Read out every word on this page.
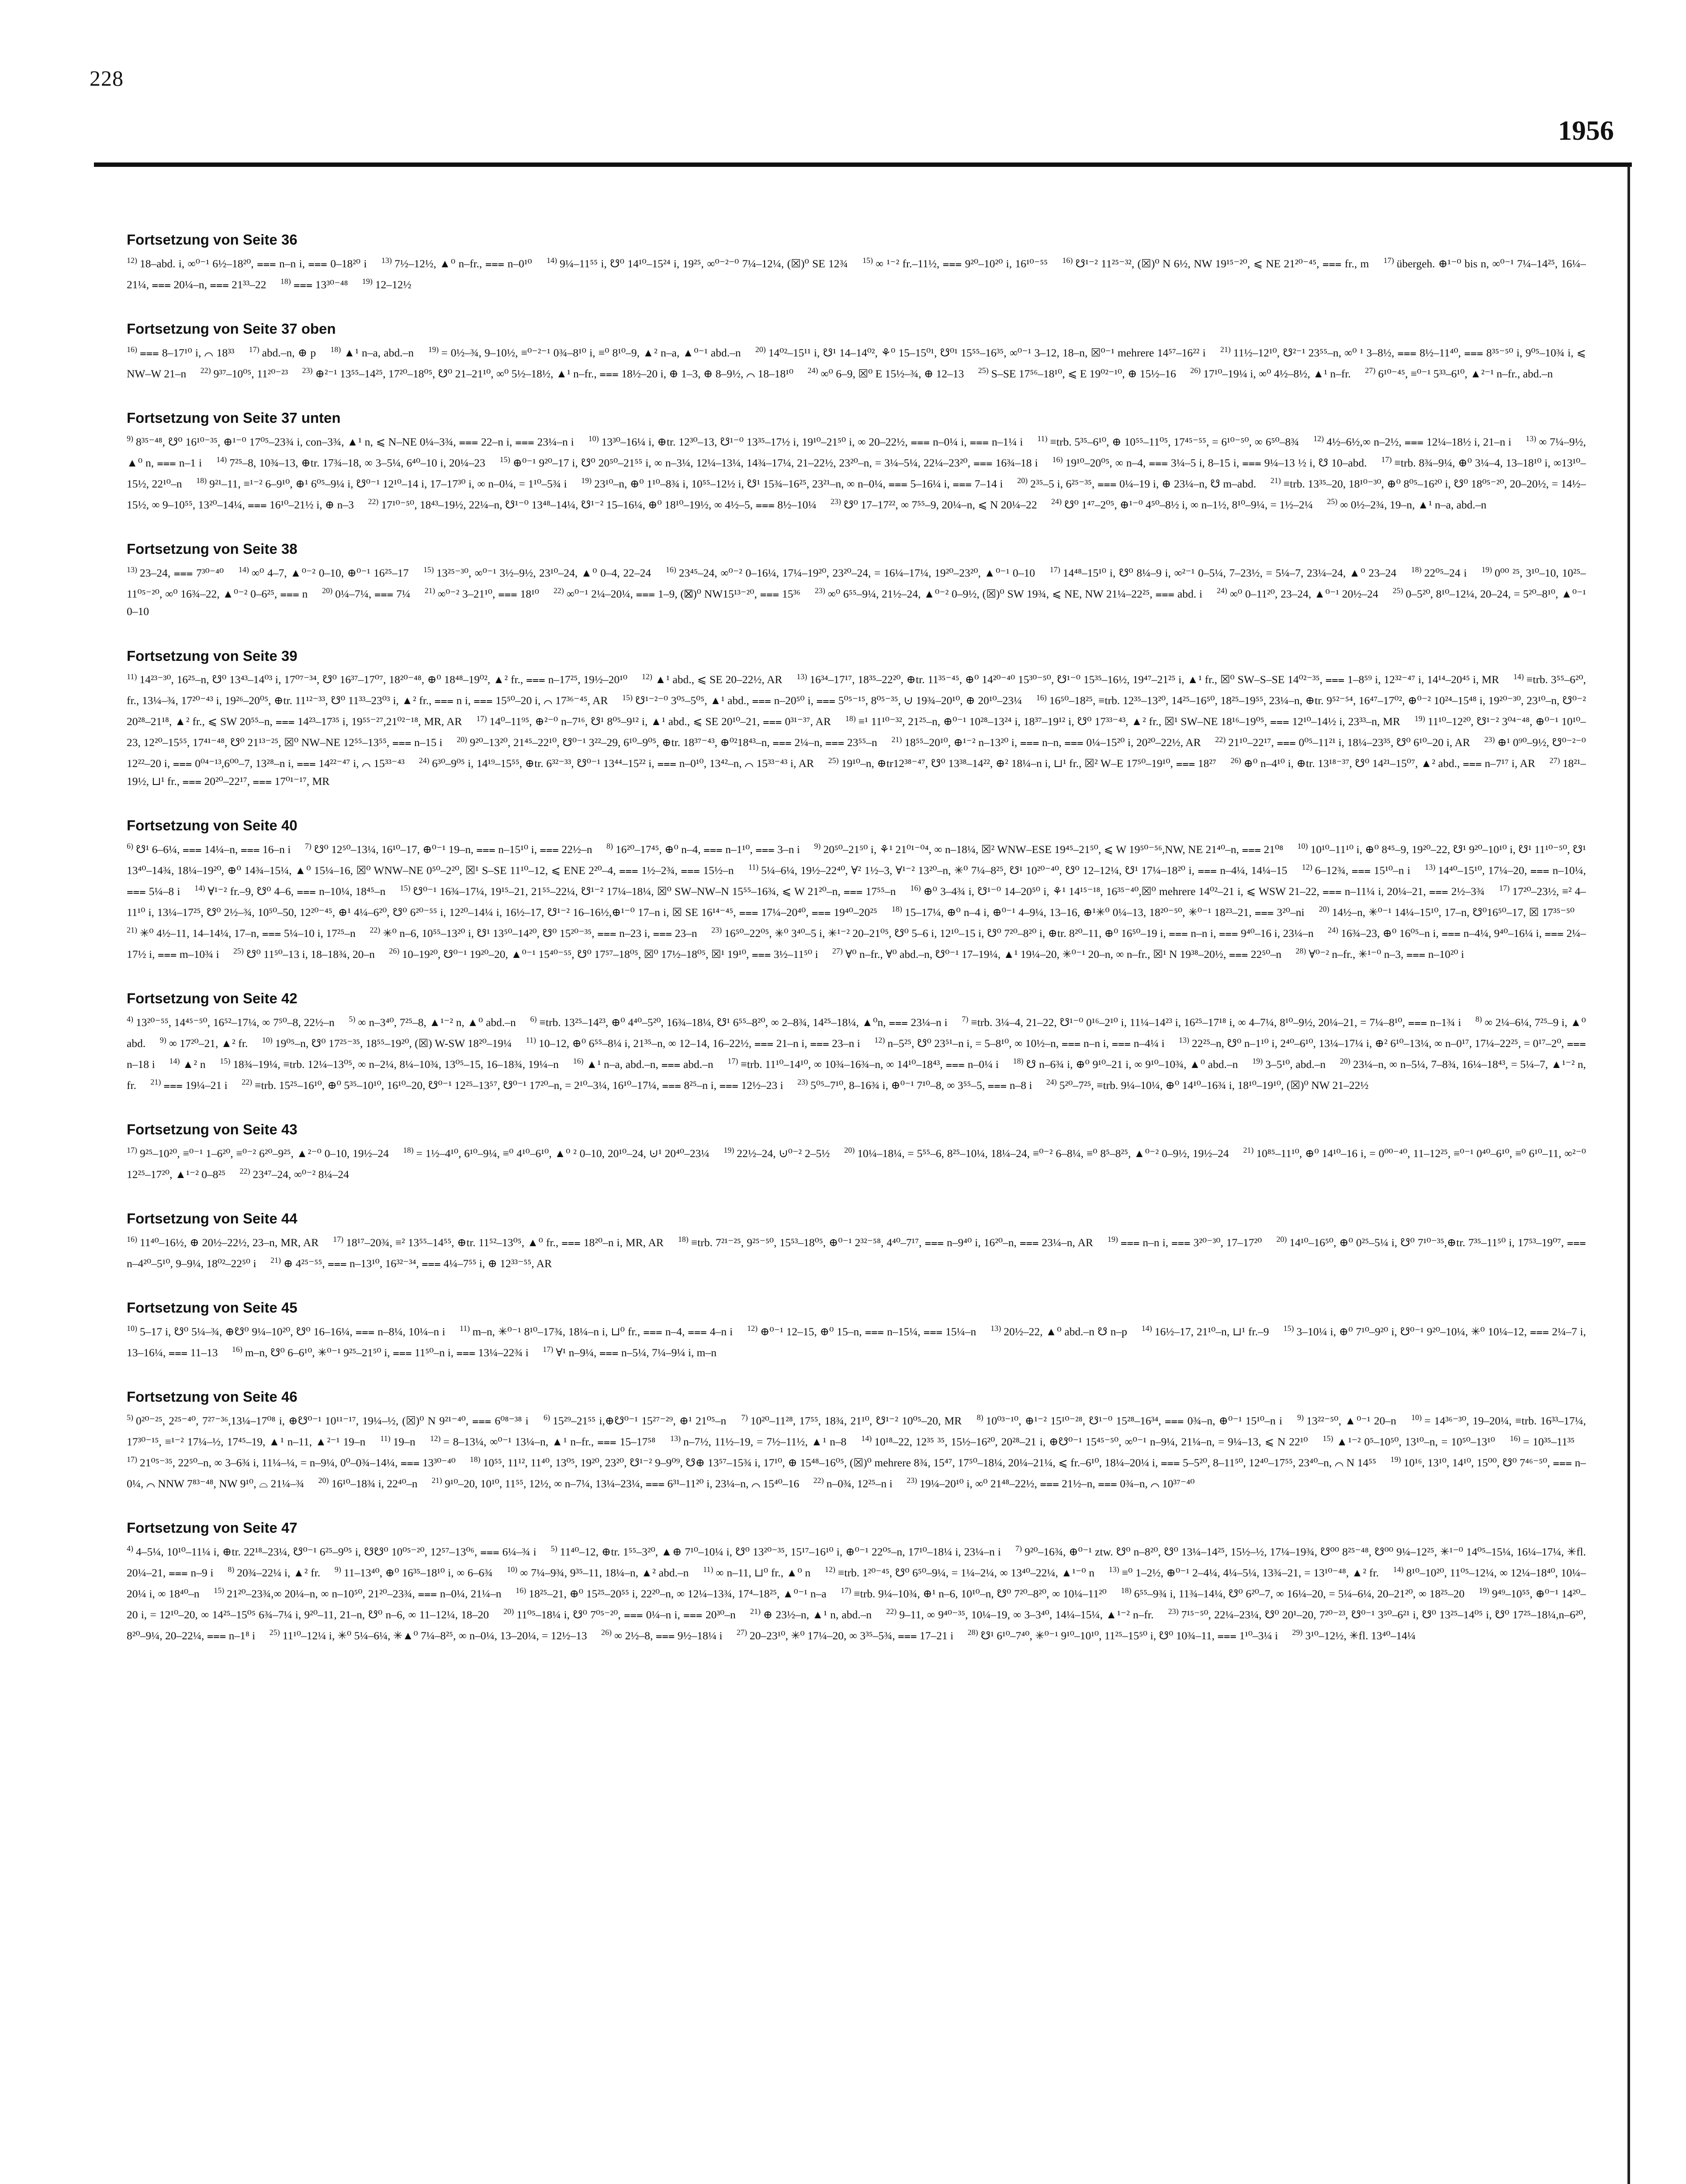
228
1956
Fortsetzung von Seite 36
$^{12)}$ 18–abd. i, ∞⁰⁻¹ 6½–18²⁰, ⩶ n–n i, ⩶ 0–18²⁰ i $^{13)}$ 7½–12½, ▲⁰ n–fr., ⩶ n–0¹⁰ $^{14)}$ 9¼–11⁵⁵ i, ☋⁰ 14¹⁰–15²⁴ i, 19²⁵, ∞⁰⁻²⁻⁰ 7¼–12¼, (☒)⁰ SE 12¾ $^{15)}$ ∞ ¹⁻² fr.–11½, ⩶ 9²⁰–10²⁰ i, 16¹⁰⁻⁵⁵ $^{16)}$ ☋¹⁻² 11²⁵⁻³², (☒)⁰ N 6½, NW 19¹⁵⁻²⁰, ⩽ NE 21²⁰⁻⁴⁵, ⩶ fr., m $^{17)}$ übergeh. ⊕¹⁻⁰ bis n, ∞⁰⁻¹ 7¼–14²⁵, 16¼–21¼, ⩶ 20¼–n, ⩶ 21³³–22 $^{18)}$ ⩶ 13³⁰⁻⁴⁸ $^{19)}$ 12–12½
Fortsetzung von Seite 37 oben
$^{16)}$ ⩶ 8–17¹⁰ i, ⌒ 18³³ $^{17)}$ abd.–n, ⊕ p $^{18)}$ ▲¹ n–a, abd.–n $^{19)}$ = 0½–¾, 9–10½, ≡⁰⁻²⁻¹ 0¾–8¹⁰ i, ≡⁰ 8¹⁰–9, ▲² n–a, ▲⁰⁻¹ abd.–n $^{20)}$ 14⁰²–15¹¹ i, ☋¹ 14–14⁰², ⚘⁰ 15–15⁰¹, ☋⁰¹ 15⁵⁵–16³⁵, ∞⁰⁻¹ 3–12, 18–n, ☒⁰⁻¹ mehrere 14⁵⁷–16²² i $^{21)}$ 11½–12¹⁰, ☋²⁻¹ 23⁵⁵–n, ∞⁰ ¹ 3–8½, ⩶ 8½–11⁴⁰, ⩶ 8³⁵⁻⁵⁰ i, 9⁰⁵–10¾ i, ⩽ NW–W 21–n $^{22)}$ 9³⁷–10⁰⁵, 11²⁰⁻²³ $^{23)}$ ⊕²⁻¹ 13⁵⁵–14²⁵, 17²⁰–18⁰⁵, ☋⁰ 21–21¹⁰, ∞⁰ 5½–18½, ▲¹ n–fr., ⩶ 18½–20 i, ⊕ 1–3, ⊕ 8–9½, ⌒ 18–18¹⁰ $^{24)}$ ∞⁰ 6–9, ☒⁰ E 15½–¾, ⊕ 12–13 $^{25)}$ S–SE 17⁵⁶–18¹⁰, ⩽ E 19⁰²⁻¹⁰, ⊕ 15½–16 $^{26)}$ 17¹⁰–19¼ i, ∞⁰ 4½–8½, ▲¹ n–fr. $^{27)}$ 6¹⁰⁻⁴⁵, ≡⁰⁻¹ 5³³–6¹⁰, ▲²⁻¹ n–fr., abd.–n
Fortsetzung von Seite 37 unten
$^{9)}$ 8³⁵⁻⁴⁸, ☋⁰ 16¹⁰⁻³⁵, ⊕¹⁻⁰ 17⁰⁵–23¾ i, con–3¾, ▲¹ n, ⩽ N–NE 0¼–3¾, ⩶ 22–n i, ⩶ 23¼–n i $^{10)}$ 13³⁰–16¼ i, ⊕tr. 12³⁰–13, ☋¹⁻⁰ 13³⁵–17½ i, 19¹⁰–21⁵⁰ i, ∞ 20–22½, ⩶ n–0¼ i, ⩶ n–1¼ i $^{11)}$ ≡trb. 5³⁵–6¹⁰, ⊕ 10⁵⁵–11⁰⁵, 17⁴⁵⁻⁵⁵, = 6¹⁰⁻⁵⁰, ∞ 6⁵⁰–8¾ $^{12)}$ 4½–6½,∞ n–2½, ⩶ 12¼–18½ i, 21–n i $^{13)}$ ∞ 7¼–9½, ▲⁰ n, ⩶ n–1 i $^{14)}$ 7²⁵–8, 10¾–13, ⊕tr. 17¾–18, ∞ 3–5¼, 6⁴⁰–10 i, 20¼–23 $^{15)}$ ⊕⁰⁻¹ 9²⁰–17 i, ☋⁰ 20⁵⁰–21⁵⁵ i, ∞ n–3¼, 12¼–13¼, 14¾–17¼, 21–22½, 23²⁰–n, = 3¼–5¼, 22¼–23²⁰, ⩶ 16¾–18 i $^{16)}$ 19¹⁰–20⁰⁵, ∞ n–4, ⩶ 3¼–5 i, 8–15 i, ⩶ 9¼–13 ½ i, ☋ 10–abd. $^{17)}$ ≡trb. 8¾–9¼, ⊕⁰ 3¼–4, 13–18¹⁰ i, ∞13¹⁰–15½, 22¹⁰–n $^{18)}$ 9²¹–11, ≡¹⁻² 6–9¹⁰, ⊕¹ 6⁰⁵–9¼ i, ☋⁰⁻¹ 12¹⁰–14 i, 17–17³⁰ i, ∞ n–0¼, = 1¹⁰–5¾ i $^{19)}$ 23¹⁰–n, ⊕⁰ 1¹⁰–8¾ i, 10⁵⁵–12½ i, ☋¹ 15¾–16²⁵, 23²¹–n, ∞ n–0¼, ⩶ 5–16¼ i, ⩶ 7–14 i $^{20)}$ 2³⁵–5 i, 6²⁵⁻³⁵, ⩶ 0¼–19 i, ⊕ 23¼–n, ☋ m–abd. $^{21)}$ ≡trb. 13³⁵–20, 18¹⁰⁻³⁰, ⊕⁰ 8⁰⁵–16²⁰ i, ☋⁰ 18⁰⁵⁻²⁰, 20–20½, = 14½–15½, ∞ 9–10⁵⁵, 13²⁰–14¼, ⩶ 16¹⁰–21½ i, ⊕ n–3 $^{22)}$ 17¹⁰⁻⁵⁰, 18⁴³–19½, 22¼–n, ☋¹⁻⁰ 13⁴⁸–14¼, ☋¹⁻² 15–16¼, ⊕⁰ 18¹⁰–19½, ∞ 4½–5, ⩶ 8½–10¼ $^{23)}$ ☋⁰ 17–17²², ∞ 7⁵⁵–9, 20¼–n, ⩽ N 20¼–22 $^{24)}$ ☋⁰ 1⁴⁷–2⁰⁵, ⊕¹⁻⁰ 4⁵⁰–8½ i, ∞ n–1½, 8¹⁰–9¼, = 1½–2¼ $^{25)}$ ∞ 0½–2¾, 19–n, ▲¹ n–a, abd.–n
Fortsetzung von Seite 38
$^{13)}$ 23–24, ⩶ 7³⁰⁻⁴⁰ $^{14)}$ ∞⁰ 4–7, ▲⁰⁻² 0–10, ⊕⁰⁻¹ 16²⁵–17 $^{15)}$ 13²⁵⁻³⁰, ∞⁰⁻¹ 3½–9½, 23¹⁰–24, ▲⁰ 0–4, 22–24 $^{16)}$ 23⁴⁵–24, ∞⁰⁻² 0–16¼, 17¼–19²⁰, 23²⁰–24, = 16¼–17¼, 19²⁰–23²⁰, ▲⁰⁻¹ 0–10 $^{17)}$ 14⁴⁸–15¹⁰ i, ☋⁰ 8¼–9 i, ∞²⁻¹ 0–5¼, 7–23½, = 5¼–7, 23¼–24, ▲⁰ 23–24 $^{18)}$ 22⁰⁵–24 i $^{19)}$ 0⁰⁰ ²⁵, 3¹⁰–10, 10²⁵–11⁰⁵⁻²⁰, ∞⁰ 16¾–22, ▲⁰⁻² 0–6²⁵, ⩶ n $^{20)}$ 0¼–7¼, ⩶ 7¼ $^{21)}$ ∞⁰⁻² 3–21¹⁰, ⩶ 18¹⁰ $^{22)}$ ∞⁰⁻¹ 2¼–20¼, ⩶ 1–9, (☒)⁰ NW15¹³⁻²⁰, ⩶ 15³⁶ $^{23)}$ ∞⁰ 6⁵⁵–9¼, 21½–24, ▲⁰⁻² 0–9½, (☒)⁰ SW 19¾, ⩽ NE, NW 21¼–22²⁵, ⩶ abd. i $^{24)}$ ∞⁰ 0–11²⁰, 23–24, ▲⁰⁻¹ 20½–24 $^{25)}$ 0–5²⁰, 8¹⁰–12¼, 20–24, = 5²⁰–8¹⁰, ▲⁰⁻¹ 0–10
Fortsetzung von Seite 39
$^{11)}$ 14²³⁻³⁰, 16²⁵–n, ☋⁰ 13⁴³–14⁰³ i, 17⁰⁷⁻³⁴, ☋⁰ 16³⁷–17⁰⁷, 18²⁰⁻⁴⁸, ⊕⁰ 18⁴⁸–19⁰², ▲² fr., ⩶ n–17²⁵, 19½–20¹⁰ $^{12)}$ ▲¹ abd., ⩽ SE 20–22½, AR $^{13)}$ 16³⁴–17¹⁷, 18³⁵–22²⁰, ⊕tr. 11³⁵⁻⁴⁵, ⊕⁰ 14²⁰⁻⁴⁰ 15³⁰⁻⁵⁰, ☋¹⁻⁰ 15³⁵–16½, 19⁴⁷–21²⁵ i, ▲¹ fr., ☒⁰ SW–S–SE 14⁰²⁻³⁵, ⩶ 1–8⁵⁹ i, 12³²⁻⁴⁷ i, 14¹⁴–20⁴⁵ i, MR $^{14)}$ ≡trb. 3⁵⁵–6²⁰, fr., 13¼–¾, 17²⁰⁻⁴³ i, 19²⁶–20⁰⁵, ⊕tr. 11¹²⁻³³, ☋⁰ 11³³–23⁰³ i, ▲² fr., ⩶ n i, ⩶ 15⁵⁰–20 i, ⌒ 17³⁶⁻⁴⁵, AR $^{15)}$ ☋¹⁻²⁻⁰ 3⁰⁵–5⁰⁵, ▲¹ abd., ⩶ n–20⁵⁰ i, ⩶ 5⁰⁵⁻¹⁵, 8⁰⁵⁻³⁵, ⊍ 19¾–20¹⁰, ⊕ 20¹⁰–23¼ $^{16)}$ 16⁵⁰–18²⁵, ≡trb. 12³⁵–13²⁰, 14²⁵–16⁵⁰, 18²⁵–19⁵⁵, 23¼–n, ⊕tr. 9⁵²⁻⁵⁴, 16⁴⁷–17⁰², ⊕⁰⁻² 10²⁴–15⁴⁸ i, 19²⁰⁻³⁰, 23¹⁰–n, ☋⁰⁻² 20²⁸–21¹⁸, ▲² fr., ⩽ SW 20⁵⁵–n, ⩶ 14²³–17³⁵ i, 19⁵⁵⁻²⁷,21⁰²⁻¹⁸, MR, AR $^{17)}$ 14⁰–11⁹⁵, ⊕²⁻⁰ n–7¹⁶, ☋¹ 8⁰⁵–9¹² i, ▲¹ abd., ⩽ SE 20¹⁰–21, ⩶ 0³¹⁻³⁷, AR $^{18)}$ ≡¹ 11¹⁰⁻³², 21²⁵–n, ⊕⁰⁻¹ 10²⁸–13²⁴ i, 18³⁷–19¹² i, ☋⁰ 17³³⁻⁴³, ▲² fr., ☒¹ SW–NE 18¹⁶–19⁰⁵, ⩶ 12¹⁰–14½ i, 23³³–n, MR $^{19)}$ 11¹⁰–12²⁰, ☋¹⁻² 3⁰⁴⁻⁴⁸, ⊕⁰⁻¹ 10¹⁰–23, 12²⁰–15⁵⁵, 17⁴¹⁻⁴⁸, ☋⁰ 21¹³⁻²⁵, ☒⁰ NW–NE 12⁵⁵–13⁵⁵, ⩶ n–15 i $^{20)}$ 9²⁰–13²⁰, 21⁴⁵–22¹⁰, ☋⁰⁻¹ 3²²–29, 6¹⁰–9⁰⁵, ⊕tr. 18³⁷⁻⁴³, ⊕⁰²18⁴³–n, ⩶ 2¼–n, ⩶ 23⁵⁵–n $^{21)}$ 18⁵⁵–20¹⁰, ⊕¹⁻² n–13²⁰ i, ⩶ n–n, ⩶ 0¼–15²⁰ i, 20²⁰–22½, AR $^{22)}$ 21¹⁰–22¹⁷, ⩶ 0⁰⁵–11²¹ i, 18¼–23³⁵, ☋⁰ 6¹⁰–20 i, AR $^{23)}$ ⊕¹ 0⁹⁰–9½, ☋⁰⁻²⁻⁰ 12²²–20 i, ⩶ 0⁰⁴⁻¹³,6⁰⁰–7, 13²⁸–n i, ⩶ 14²²⁻⁴⁷ i, ⌒ 15³³⁻⁴³ $^{24)}$ 6³⁰–9⁰⁵ i, 14¹⁹–15⁵⁵, ⊕tr. 6³²⁻³³, ☋⁰⁻¹ 13⁴⁴–15²² i, ⩶ n–0¹⁰, 13⁴²–n, ⌒ 15³³⁻⁴³ i, AR $^{25)}$ 19¹⁰–n, ⊕tr12³⁸⁻⁴⁷, ☋⁰ 13³⁸–14²², ⊕² 18¼–n i, ⊔¹ fr., ☒² W–E 17⁵⁰–19¹⁰, ⩶ 18²⁷ $^{26)}$ ⊕⁰ n–4¹⁰ i, ⊕tr. 13¹⁸⁻³⁷, ☋⁰ 14²¹–15⁰⁷, ▲² abd., ⩶ n–7¹⁷ i, AR $^{27)}$ 18²¹–19½, ⊔¹ fr., ⩶ 20²⁰–22¹⁷, ⩶ 17⁰¹⁻¹⁷, MR
Fortsetzung von Seite 40
$^{6)}$ ☋¹ 6–6¼, ⩶ 14¼–n, ⩶ 16–n i $^{7)}$ ☋⁰ 12⁵⁰–13¼, 16¹⁰–17, ⊕⁰⁻¹ 19–n, ⩶ n–15¹⁰ i, ⩶ 22½–n $^{8)}$ 16²⁰–17⁴⁵, ⊕⁰ n–4, ⩶ n–1¹⁰, ⩶ 3–n i $^{9)}$ 20⁵⁰–21⁵⁰ i, ⚘¹ 21⁰¹⁻⁰⁴, ∞ n–18¼, ☒² WNW–ESE 19⁴⁵–21⁵⁰, ⩽ W 19⁵⁰⁻⁵⁶,NW, NE 21⁴⁰–n, ⩶ 21⁰⁸ $^{10)}$ 10¹⁰–11¹⁰ i, ⊕⁰ 8⁴⁵–9, 19²⁰–22, ☋¹ 9²⁰–10¹⁰ i, ☋¹ 11¹⁰⁻⁵⁰, ☋¹ 13⁴⁰–14¾, 18¼–19²⁰, ⊕⁰ 14¾–15¼, ▲⁰ 15¼–16, ☒⁰ WNW–NE 0⁵⁰–2²⁰, ☒¹ S–SE 11¹⁰–12, ⩽ ENE 2²⁰–4, ⩶ 1½–2¾, ⩶ 15½–n $^{11)}$ 5¼–6¼, 19½–22⁴⁰, ∀² 1½–3, ∀¹⁻² 13²⁰–n, ✳⁰ 7¼–8²⁵, ☋¹ 10²⁰⁻⁴⁰, ☋⁰ 12–12¼, ☋¹ 17¼–18²⁰ i, ⩶ n–4¼, 14¼–15 $^{12)}$ 6–12¾, ⩶ 15¹⁰–n i $^{13)}$ 14⁴⁰–15¹⁰, 17¼–20, ⩶ n–10¼, ⩶ 5¼–8 i $^{14)}$ ∀¹⁻² fr.–9, ☋⁰ 4–6, ⩶ n–10¼, 18⁴⁵–n $^{15)}$ ☋⁰⁻¹ 16¾–17¼, 19¹⁵–21, 21⁵⁵–22¼, ☋¹⁻² 17¼–18¼, ☒⁰ SW–NW–N 15⁵⁵–16¾, ⩽ W 21²⁰–n, ⩶ 17⁵⁵–n $^{16)}$ ⊕⁰ 3–4¾ i, ☋¹⁻⁰ 14–20⁵⁰ i, ⚘¹ 14¹⁵⁻¹⁸, 16³⁵⁻⁴⁰,☒⁰ mehrere 14⁰²–21 i, ⩽ WSW 21–22, ⩶ n–11¼ i, 20¼–21, ⩶ 2½–3¾ $^{17)}$ 17²⁰–23½, ≡² 4–11¹⁰ i, 13¼–17²⁵, ☋⁰ 2½–¾, 10⁵⁰–50, 12²⁰⁻⁴⁵, ⊕¹ 4¼–6²⁰, ☋⁰ 6²⁰⁻⁵⁵ i, 12²⁰–14¼ i, 16½–17, ☋¹⁻² 16–16½,⊕¹⁻⁰ 17–n i, ☒ SE 16¹⁴⁻⁴⁵, ⩶ 17¼–20⁴⁰, ⩶ 19⁴⁰–20²⁵ $^{18)}$ 15–17¼, ⊕⁰ n–4 i, ⊕⁰⁻¹ 4–9¼, 13–16, ⊕¹✳⁰ 0¼–13, 18²⁰⁻⁵⁰, ✳⁰⁻¹ 18²³–21, ⩶ 3²⁰–ni $^{20)}$ 14½–n, ✳⁰⁻¹ 14¼–15¹⁰, 17–n, ☋⁰16⁵⁰–17, ☒ 17³⁵⁻⁵⁰ $^{21)}$ ✳⁰ 4½–11, 14–14¼, 17–n, ⩶ 5¼–10 i, 17²⁵–n $^{22)}$ ✳⁰ n–6, 10⁵⁵–13²⁰ i, ☋¹ 13⁵⁰–14²⁰, ☋⁰ 15²⁰⁻³⁵, ⩶ n–23 i, ⩶ 23–n $^{23)}$ 16⁵⁰–22⁰⁵, ✳⁰ 3⁴⁰–5 i, ✳¹⁻² 20–21⁰⁵, ☋⁰ 5–6 i, 12¹⁰–15 i, ☋⁰ 7²⁰–8²⁰ i, ⊕tr. 8²⁰–11, ⊕⁰ 16⁵⁰–19 i, ⩶ n–n i, ⩶ 9⁴⁰–16 i, 23¼–n $^{24)}$ 16¾–23, ⊕⁰ 16⁰⁵–n i, ⩶ n–4¼, 9⁴⁰–16¼ i, ⩶ 2¼–17½ i, ⩶ m–10¾ i $^{25)}$ ☋⁰ 11⁵⁰–13 i, 18–18¾, 20–n $^{26)}$ 10–19²⁰, ☋⁰⁻¹ 19²⁰–20, ▲⁰⁻¹ 15⁴⁰⁻⁵⁵, ☋⁰ 17⁵⁷–18⁰⁵, ☒⁰ 17½–18⁰⁵, ☒¹ 19¹⁰, ⩶ 3½–11⁵⁰ i $^{27)}$ ∀⁰ n–fr., ∀⁰ abd.–n, ☋⁰⁻¹ 17–19¼, ▲¹ 19¼–20, ✳⁰⁻¹ 20–n, ∞ n–fr., ☒¹ N 19³⁸–20½, ⩶ 22⁵⁰–n $^{28)}$ ∀⁰⁻² n–fr., ✳¹⁻⁰ n–3, ⩶ n–10²⁰ i
Fortsetzung von Seite 42
$^{4)}$ 13²⁰⁻⁵⁵, 14⁴⁵⁻⁵⁰, 16⁵²–17¼, ∞ 7⁵⁰–8, 22½–n $^{5)}$ ∞ n–3⁴⁰, 7²⁵–8, ▲¹⁻² n, ▲⁰ abd.–n $^{6)}$ ≡trb. 13²⁵–14²³, ⊕⁰ 4⁴⁰–5²⁰, 16¾–18¼, ☋¹ 6⁵⁵–8²⁰, ∞ 2–8¾, 14²⁵–18¼, ▲⁰n, ⩶ 23¼–n i $^{7)}$ ≡trb. 3¼–4, 21–22, ☋¹⁻⁰ 0¹⁶–2¹⁰ i, 11¼–14²³ i, 16²⁵–17¹⁸ i, ∞ 4–7¼, 8¹⁰–9½, 20¼–21, = 7¼–8¹⁰, ⩶ n–1¾ i $^{8)}$ ∞ 2¼–6¼, 7²⁵–9 i, ▲⁰ abd. $^{9)}$ ∞ 17²⁰–21, ▲² fr. $^{10)}$ 19⁰⁵–n, ☋⁰ 17²⁵⁻³⁵, 18⁵⁵–19²⁰, (☒) W-SW 18²⁰–19¼ $^{11)}$ 10–12, ⊕⁰ 6⁵⁵–8¼ i, 21³⁵–n, ∞ 12–14, 16–22½, ⩶ 21–n i, ⩶ 23–n i $^{12)}$ n–5²⁵, ☋⁰ 23⁵¹–n i, = 5–8¹⁰, ∞ 10½–n, ⩶ n–n i, ⩶ n–4¼ i $^{13)}$ 22²⁵–n, ☋⁰ n–1¹⁰ i, 2⁴⁰–6¹⁰, 13¼–17¼ i, ⊕² 6¹⁰–13¼, ∞ n–0¹⁷, 17¼–22²⁵, = 0¹⁷–2⁰, ⩶ n–18 i $^{14)}$ ▲² n $^{15)}$ 18¾–19¼, ≡trb. 12¼–13⁰⁵, ∞ n–2¼, 8¼–10¾, 13⁰⁵–15, 16–18¾, 19¼–n $^{16)}$ ▲¹ n–a, abd.–n, ⩶ abd.–n $^{17)}$ ≡trb. 11¹⁰–14¹⁰, ∞ 10¾–16¾–n, ∞ 14¹⁰–18⁴³, ⩶ n–0¼ i $^{18)}$ ☋ n–6¾ i, ⊕⁰ 9¹⁰–21 i, ∞ 9¹⁰–10¾, ▲⁰ abd.–n $^{19)}$ 3–5¹⁰, abd.–n $^{20)}$ 23¼–n, ∞ n–5¼, 7–8¾, 16¼–18⁴³, = 5¼–7, ▲¹⁻² n, fr. $^{21)}$ ⩶ 19¼–21 i $^{22)}$ ≡trb. 15²⁵–16¹⁰, ⊕⁰ 5³⁵–10¹⁰, 16¹⁰–20, ☋⁰⁻¹ 12²⁵–13⁵⁷, ☋⁰⁻¹ 17²⁰–n, = 2¹⁰–3¼, 16¹⁰–17¼, ⩶ 8²⁵–n i, ⩶ 12½–23 i $^{23)}$ 5⁰⁵–7¹⁰, 8–16¾ i, ⊕⁰⁻¹ 7¹⁰–8, ∞ 3⁵⁵–5, ⩶ n–8 i $^{24)}$ 5²⁰–7²⁵, ≡trb. 9¼–10¼, ⊕⁰ 14¹⁰–16¾ i, 18¹⁰–19¹⁰, (☒)⁰ NW 21–22½
Fortsetzung von Seite 43
$^{17)}$ 9²⁵–10²⁰, ≡⁰⁻¹ 1–6²⁰, ≡⁰⁻² 6²⁰–9²⁵, ▲²⁻⁰ 0–10, 19½–24 $^{18)}$ = 1½–4¹⁰, 6¹⁰–9¼, ≡⁰ 4¹⁰–6¹⁰, ▲⁰ ² 0–10, 20¹⁰–24, ⊍¹ 20⁴⁰–23¼ $^{19)}$ 22½–24, ⊍⁰⁻² 2–5½ $^{20)}$ 10¼–18¼, = 5⁵⁵–6, 8²⁵–10¼, 18¼–24, ≡⁰⁻² 6–8¼, ≡⁰ 8⁵–8²⁵, ▲⁰⁻² 0–9½, 19½–24 $^{21)}$ 10⁸⁵–11¹⁰, ⊕⁰ 14¹⁰–16 i, = 0⁰⁰⁻⁴⁰, 11–12²⁵, ≡⁰⁻¹ 0⁴⁰–6¹⁰, ≡⁰ 6¹⁰–11, ∞²⁻⁰ 12²⁵–17²⁰, ▲¹⁻² 0–8²⁵ $^{22)}$ 23⁴⁷–24, ∞⁰⁻² 8¼–24
Fortsetzung von Seite 44
$^{16)}$ 11⁴⁰–16½, ⊕ 20½–22½, 23–n, MR, AR $^{17)}$ 18¹⁷–20¾, ≡² 13⁵⁵–14⁵⁵, ⊕tr. 11⁵²–13⁰⁵, ▲⁰ fr., ⩶ 18²⁰–n i, MR, AR $^{18)}$ ≡trb. 7²¹⁻²⁵, 9²⁵⁻⁵⁰, 15⁵³–18⁰⁵, ⊕⁰⁻¹ 2³²⁻⁵⁸, 4⁴⁰–7¹⁷, ⩶ n–9⁴⁰ i, 16²⁰–n, ⩶ 23¼–n, AR $^{19)}$ ⩶ n–n i, ⩶ 3²⁰⁻³⁰, 17–17²⁰ $^{20)}$ 14¹⁰–16⁵⁰, ⊕⁰ 0²⁵–5¼ i, ☋⁰ 7¹⁰⁻³⁵,⊕tr. 7³⁵–11⁵⁰ i, 17⁵³–19⁰⁷, ⩶ n–4²⁰–5¹⁰, 9–9¼, 18⁰²–22⁵⁰ i $^{21)}$ ⊕ 4²⁵⁻⁵⁵, ⩶ n–13¹⁰, 16³²⁻³⁴, ⩶ 4¼–7⁵⁵ i, ⊕ 12³³⁻⁵⁵, AR
Fortsetzung von Seite 45
$^{10)}$ 5–17 i, ☋⁰ 5¼–¾, ⊕☋⁰ 9¼–10²⁰, ☋⁰ 16–16¼, ⩶ n–8¼, 10¼–n i $^{11)}$ m–n, ✳⁰⁻¹ 8¹⁰–17¾, 18¼–n i, ⊔⁰ fr., ⩶ n–4, ⩶ 4–n i $^{12)}$ ⊕⁰⁻¹ 12–15, ⊕⁰ 15–n, ⩶ n–15¼, ⩶ 15¼–n $^{13)}$ 20½–22, ▲⁰ abd.–n ☋ n–p $^{14)}$ 16½–17, 21¹⁰–n, ⊔¹ fr.–9 $^{15)}$ 3–10¼ i, ⊕⁰ 7¹⁰–9²⁰ i, ☋⁰⁻¹ 9²⁰–10¼, ✳⁰ 10¼–12, ⩶ 2¼–7 i, 13–16¼, ⩶ 11–13 $^{16)}$ m–n, ☋⁰ 6–6¹⁰, ✳⁰⁻¹ 9²⁵–21⁵⁰ i, ⩶ 11⁵⁰–n i, ⩶ 13¼–22¾ i $^{17)}$ ∀¹ n–9¼, ⩶ n–5¼, 7¼–9¼ i, m–n
Fortsetzung von Seite 46
$^{5)}$ 0²⁰⁻²⁵, 2²⁵⁻⁴⁰, 7²⁷⁻³⁶,13¼–17⁰⁸ i, ⊕☋⁰⁻¹ 10¹¹⁻¹⁷, 19¼–½, (☒)⁰ N 9²¹⁻⁴⁰, ⩶ 6⁰⁸⁻³⁸ i $^{6)}$ 15²⁹–21⁵⁵ i,⊕☋⁰⁻¹ 15²⁷⁻²⁹, ⊕¹ 21⁰⁵–n $^{7)}$ 10²⁰–11²⁸, 17⁵⁵, 18¾, 21¹⁰, ☋¹⁻² 10⁰⁵–20, MR $^{8)}$ 10⁰³⁻¹⁰, ⊕¹⁻² 15¹⁰⁻²⁸, ☋¹⁻⁰ 15²⁸–16³⁴, ⩶ 0¾–n, ⊕⁰⁻¹ 15¹⁰–n i $^{9)}$ 13²²⁻⁵⁰, ▲⁰⁻¹ 20–n $^{10)}$ = 14³⁶⁻³⁰, 19–20¼, ≡trb. 16³³–17¼, 17³⁰⁻¹⁵, ≡¹⁻² 17¼–½, 17⁴⁵–19, ▲¹ n–11, ▲²⁻¹ 19–n $^{11)}$ 19–n $^{12)}$ = 8–13¼, ∞⁰⁻¹ 13¼–n, ▲¹ n–fr., ⩶ 15–17⁵⁸ $^{13)}$ n–7½, 11½–19, = 7½–11½, ▲¹ n–8 $^{14)}$ 10¹⁸–22, 12³⁵ ³⁵, 15½–16²⁰, 20²⁸–21 i, ⊕☋⁰⁻¹ 15⁴⁵⁻⁵⁰, ∞⁰⁻¹ n–9¼, 21¼–n, = 9¼–13, ⩽ N 22¹⁰ $^{15)}$ ▲¹⁻² 0⁵–10⁵⁰, 13¹⁰–n, = 10⁵⁰–13¹⁰ $^{16)}$ = 10³⁵–11³⁵ $^{17)}$ 21⁰⁵⁻³⁵, 22⁵⁰–n, ∞ 3–6¾ i, 11¼–¼, = n–9¼, 0⁰–0¾–14¼, ⩶ 13³⁰⁻⁴⁰ $^{18)}$ 10⁵⁵, 11¹², 11⁴⁰, 13⁰⁵, 19²⁰, 23²⁰, ☋¹⁻² 9–9⁰⁹, ☋⊕ 13⁵⁷–15¾ i, 17¹⁰, ⊕ 15⁴⁸–16⁰⁵, (☒)⁰ mehrere 8¾, 15⁴⁷, 17⁵⁰–18¼, 20¼–21¼, ⩽ fr.–6¹⁰, 18¼–20¼ i, ⩶ 5–5²⁰, 8–11⁵⁰, 12⁴⁰–17⁵⁵, 23⁴⁰–n, ⌒ N 14⁵⁵ $^{19)}$ 10¹⁶, 13¹⁰, 14¹⁰, 15⁰⁰, ☋⁰ 7⁴⁶⁻⁵⁰, ⩶ n–0¼, ⌒ NNW 7⁸³⁻⁴⁸, NW 9¹⁰, ⌓ 21¼–¾ $^{20)}$ 16¹⁰–18¾ i, 22⁴⁰–n $^{21)}$ 9¹⁰–20, 10¹⁰, 11⁵⁵, 12½, ∞ n–7¼, 13¼–23¼, ⩶ 6³¹–11²⁰ i, 23¼–n, ⌒ 15⁴⁰–16 $^{22)}$ n–0¾, 12²⁵–n i $^{23)}$ 19¼–20¹⁰ i, ∞⁰ 21⁴⁸–22½, ⩶ 21½–n, ⩶ 0¾–n, ⌒ 10³⁷⁻⁴⁰
Fortsetzung von Seite 47
$^{4)}$ 4–5¼, 10¹⁰–11¼ i, ⊕tr. 22¹⁸–23¼, ☋⁰⁻¹ 6²⁵–9⁰⁵ i, ☋☋⁰ 10⁰⁵⁻²⁰, 12⁵⁷–13⁰⁶, ⩶ 6¼–¾ i $^{5)}$ 11⁴⁰–12, ⊕tr. 1⁵⁵–3²⁰, ▲⊕ 7¹⁰–10¼ i, ☋⁰ 13²⁰⁻³⁵, 15¹⁷–16¹⁰ i, ⊕⁰⁻¹ 22⁰⁵–n, 17¹⁰–18¼ i, 23¼–n i $^{7)}$ 9²⁰–16¾, ⊕⁰⁻¹ ztw. ☋⁰ n–8²⁰, ☋⁰ 13¼–14²⁵, 15½–½, 17¼–19¾, ☋⁰⁰ 8²⁵⁻⁴⁸, ☋⁰⁰ 9¼–12²⁵, ✳¹⁻⁰ 14⁰⁵–15¼, 16¼–17¼, ✳fl. 20¼–21, ⩶ n–9 i $^{8)}$ 20¾–22¼ i, ▲² fr. $^{9)}$ 11–13⁴⁰, ⊕⁰ 16³⁵–18¹⁰ i, ∞ 6–6¾ $^{10)}$ ∞ 7¼–9¾, 9³⁵–11, 18¼–n, ▲² abd.–n $^{11)}$ ∞ n–11, ⊔⁰ fr., ▲⁰ n $^{12)}$ ≡trb. 1²⁰⁻⁴⁵, ☋⁰ 6⁵⁰–9¼, = 1¼–2¼, ∞ 13⁴⁰–22¼, ▲¹⁻⁰ n $^{13)}$ ≡⁰ 1–2½, ⊕⁰⁻¹ 2–4¼, 4¼–5¼, 13¾–21, = 13¹⁰⁻⁴⁸, ▲² fr. $^{14)}$ 8¹⁰–10²⁰, 11⁰⁵–12¼, ∞ 12¼–18⁴⁰, 10¼–20¼ i, ∞ 18⁴⁰–n $^{15)}$ 21²⁰–23¾,∞ 20¼–n, ∞ n–10⁵⁰, 21²⁰–23¾, ⩶ n–0¼, 21¼–n $^{16)}$ 18²⁵–21, ⊕⁰ 15²⁵–20⁵⁵ i, 22²⁰–n, ∞ 12¼–13¾, 17⁴–18²⁵, ▲⁰⁻¹ n–a $^{17)}$ ≡trb. 9¼–10¾, ⊕¹ n–6, 10¹⁰–n, ☋⁰ 7²⁰–8²⁰, ∞ 10¼–11²⁰ $^{18)}$ 6⁵⁵–9¾ i, 11¾–14¼, ☋⁰ 6²⁰–7, ∞ 16¼–20, = 5¼–6¼, 20–21²⁰, ∞ 18²⁵–20 $^{19)}$ 9⁴⁹–10⁵⁵, ⊕⁰⁻¹ 14²⁰–20 i, = 12¹⁰–20, ∞ 14²⁵–15⁰⁵ 6¾–7¼ i, 9²⁰–11, 21–n, ☋⁰ n–6, ∞ 11–12¼, 18–20 $^{20)}$ 11⁰⁵–18¼ i, ☋⁰ 7⁰⁵⁻²⁰, ⩶ 0¼–n i, ⩶ 20³⁰–n $^{21)}$ ⊕ 23½–n, ▲¹ n, abd.–n $^{22)}$ 9–11, ∞ 9⁴⁰⁻³⁵, 10¼–19, ∞ 3–3⁴⁰, 14¼–15¼, ▲¹⁻² n–fr. $^{23)}$ 7¹⁵⁻⁵⁰, 22¼–23¼, ☋⁰ 20¹–20, 7²⁰⁻²³, ☋⁰⁻¹ 3⁵⁰–6²¹ i, ☋⁰ 13²⁵–14⁰⁵ i, ☋⁰ 17²⁵–18¼,n–6²⁰, 8²⁰–9¼, 20–22¼, ⩶ n–1⁸ i $^{25)}$ 11¹⁰–12¼ i, ✳⁰ 5¼–6¼, ✳▲⁰ 7¼–8²⁵, ∞ n–0¼, 13–20¼, = 12½–13 $^{26)}$ ∞ 2½–8, ⩶ 9½–18¼ i $^{27)}$ 20–23¹⁰, ✳⁰ 17¼–20, ∞ 3³⁵–5¾, ⩶ 17–21 i $^{28)}$ ☋¹ 6¹⁰–7⁴⁰, ✳⁰⁻¹ 9¹⁰–10¹⁰, 11²⁵–15⁵⁰ i, ☋⁰ 10¾–11, ⩶ 1¹⁰–3¼ i $^{29)}$ 3¹⁰–12½, ✳fl. 13⁴⁰–14¼
